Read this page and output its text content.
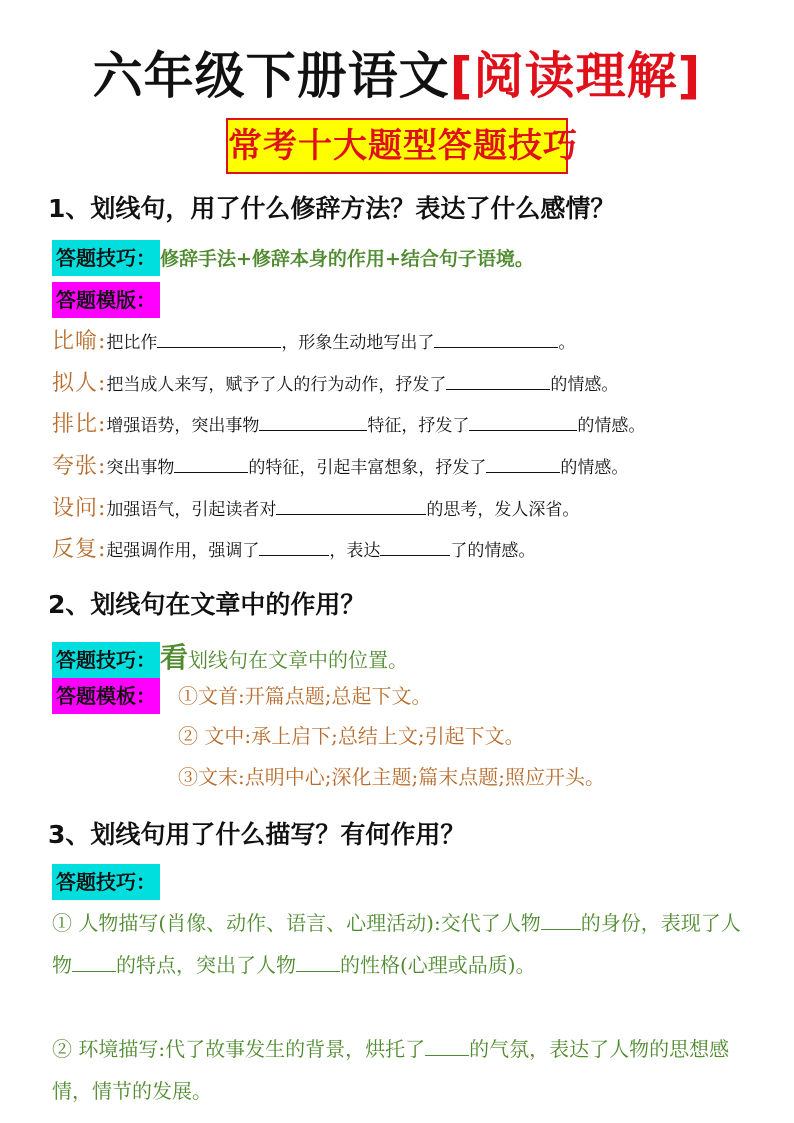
六年级下册语文[阅读理解]
常考十大题型答题技巧
1、划线句，用了什么修辞方法？表达了什么感情？
答题技巧： 修辞手法+修辞本身的作用+结合句子语境。
答题模版：
比喻:把比作	，形象生动地写出了	。
拟人:把当成人来写，赋予了人的行为动作，抒发了	的情感。
排比:增强语势，突出事物	特征，抒发了	的情感。
夸张:突出事物	的特征，引起丰富想象，抒发了	的情感。
设问:加强语气，引起读者对	的思考，发人深省。
反复:起强调作用，强调了	，表达	了的情感。
2、划线句在文章中的作用？
答题技巧： 看划线句在文章中的位置。
答题模板： ①文首:开篇点题;总起下文。
② 文中:承上启下;总结上文;引起下文。
③文末:点明中心;深化主题;篇末点题;照应开头。
3、划线句用了什么描写？有何作用？
答题技巧：
① 人物描写(肖像、动作、语言、心理活动):交代了人物 的身份，表现了人物 的特点，突出了人物 的性格(心理或品质)。
② 环境描写:代了故事发生的背景，烘托了 的气氛，表达了人物的思想感情，情节的发展。
